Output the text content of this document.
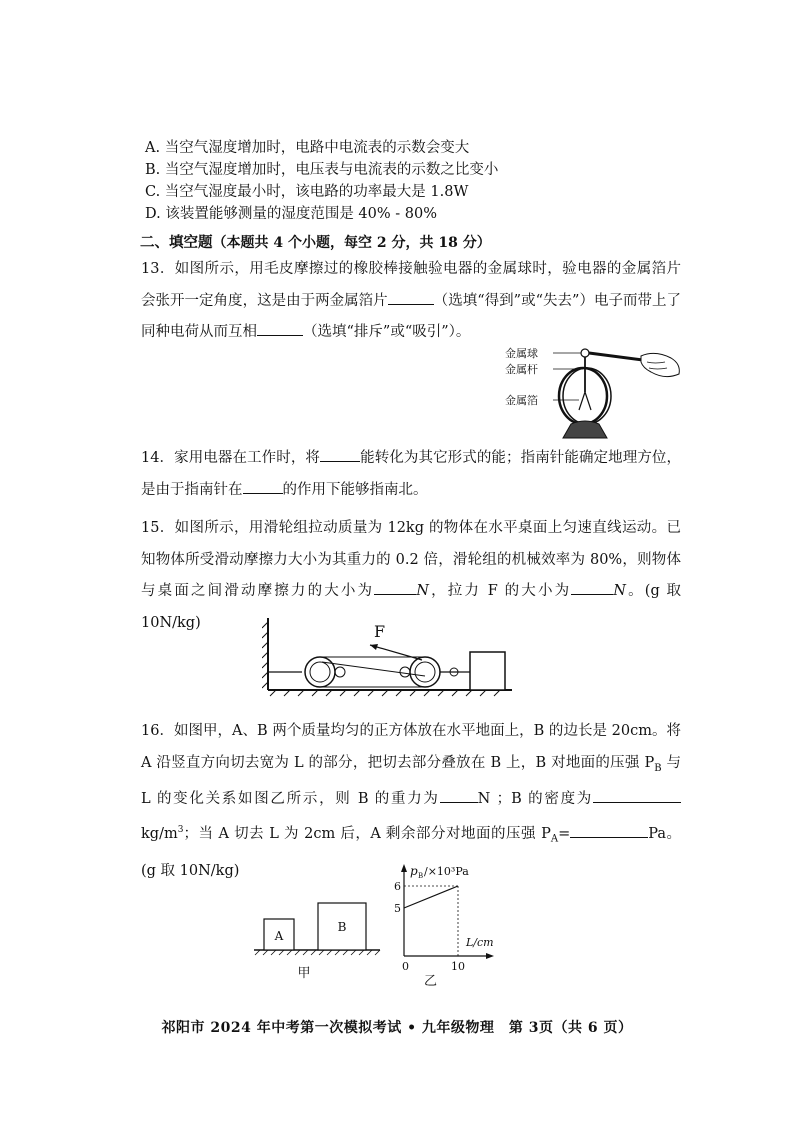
A. 当空气湿度增加时，电路中电流表的示数会变大
B. 当空气湿度增加时，电压表与电流表的示数之比变小
C. 当空气湿度最小时，该电路的功率最大是 1.8W
D. 该装置能够测量的湿度范围是 40% - 80%
二、填空题（本题共 4 个小题，每空 2 分，共 18 分）
13．如图所示，用毛皮摩擦过的橡胶棒接触验电器的金属球时，验电器的金属箔片会张开一定角度，这是由于两金属箔片	（选填“得到”或“失去”）电子而带上了同种电荷从而互相	（选填“排斥”或“吸引”）。
金属球
金属杆
金属箔
14．家用电器在工作时，将	能转化为其它形式的能；指南针能确定地理方位，是由于指南针在	的作用下能够指南北。
15．如图所示，用滑轮组拉动质量为 12kg 的物体在水平桌面上匀速直线运动。已知物体所受滑动摩擦力大小为其重力的 0.2 倍，滑轮组的机械效率为 80%，则物体与桌面之间滑动摩擦力的大小为	N，拉力 F 的大小为	N。(g 取 10N/kg)	F
16．如图甲，A、B 两个质量均匀的正方体放在水平地面上，B 的边长是 20cm。将 A 沿竖直方向切去宽为 L 的部分，把切去部分叠放在 B 上，B 对地面的压强 $P_B$ 与 L 的变化关系如图乙所示，则 B 的重力为	N ；B 的密度为$kg/m^3$；当 A 切去 L 为 2cm 后，A 剩余部分对地面的压强 $P_A=$	Pa。(g 取 10N/kg)
A
B
甲
p B /×10³Pa
L/cm
6
5
0	10
乙
祁阳市 2024 年中考第一次模拟考试 • 九年级物理　第 3页（共 6 页）
